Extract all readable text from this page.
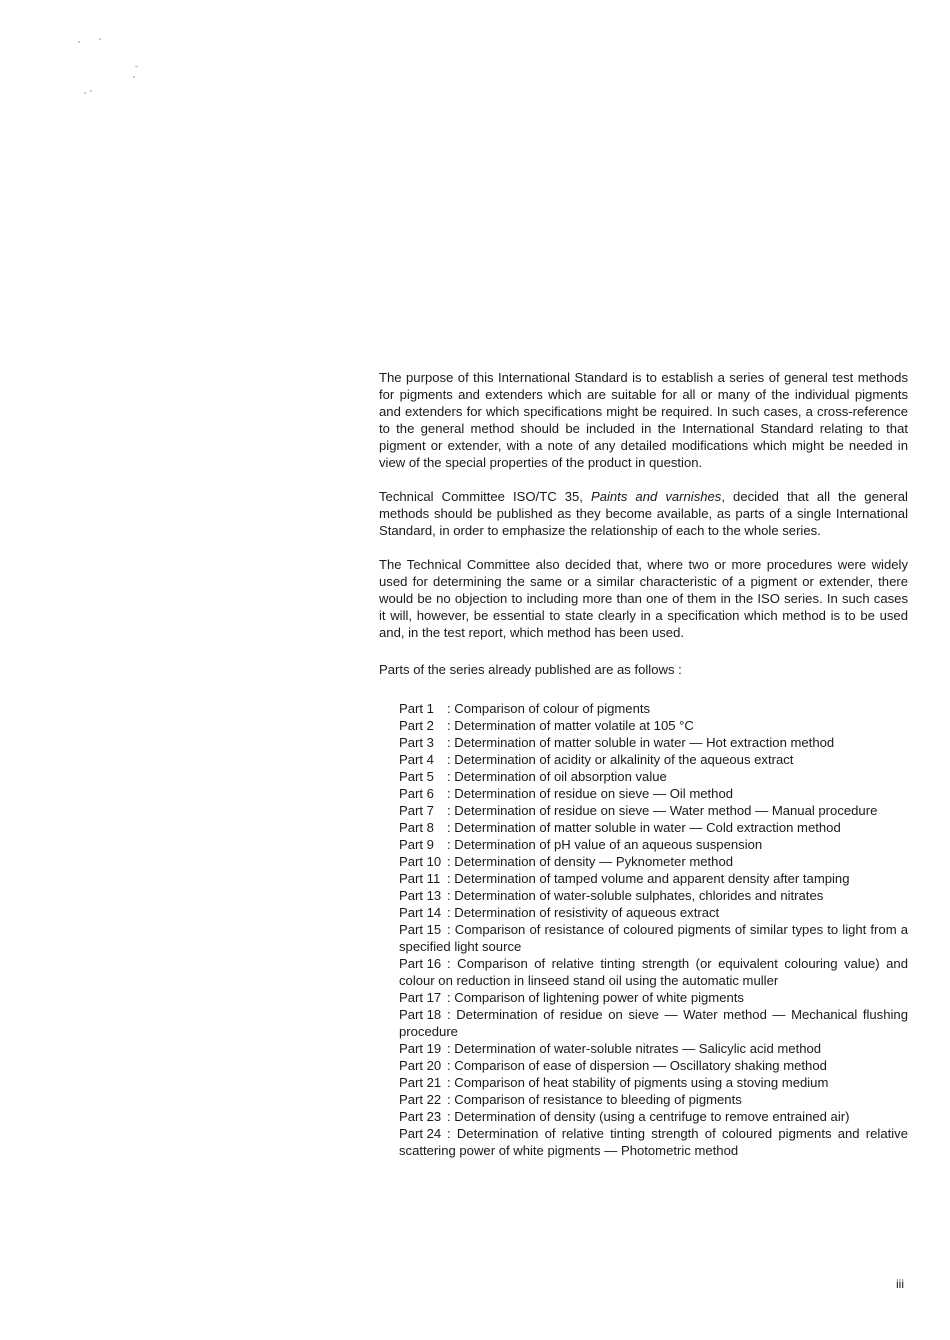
The purpose of this International Standard is to establish a series of general test methods for pigments and extenders which are suitable for all or many of the individual pigments and extenders for which specifications might be required. In such cases, a cross-reference to the general method should be included in the International Standard relating to that pigment or extender, with a note of any detailed modifications which might be needed in view of the special properties of the product in question.

Technical Committee ISO/TC 35, Paints and varnishes, decided that all the general methods should be published as they become available, as parts of a single International Standard, in order to emphasize the relationship of each to the whole series.

The Technical Committee also decided that, where two or more procedures were widely used for determining the same or a similar characteristic of a pigment or extender, there would be no objection to including more than one of them in the ISO series. In such cases it will, however, be essential to state clearly in a specification which method is to be used and, in the test report, which method has been used.

Parts of the series already published are as follows :

Part 1 : Comparison of colour of pigments
Part 2 : Determination of matter volatile at 105 °C
Part 3 : Determination of matter soluble in water — Hot extraction method
Part 4 : Determination of acidity or alkalinity of the aqueous extract
Part 5 : Determination of oil absorption value
Part 6 : Determination of residue on sieve — Oil method
Part 7 : Determination of residue on sieve — Water method — Manual procedure
Part 8 : Determination of matter soluble in water — Cold extraction method
Part 9 : Determination of pH value of an aqueous suspension
Part 10 : Determination of density — Pyknometer method
Part 11 : Determination of tamped volume and apparent density after tamping
Part 13 : Determination of water-soluble sulphates, chlorides and nitrates
Part 14 : Determination of resistivity of aqueous extract
Part 15 : Comparison of resistance of coloured pigments of similar types to light from a specified light source
Part 16 : Comparison of relative tinting strength (or equivalent colouring value) and colour on reduction in linseed stand oil using the automatic muller
Part 17 : Comparison of lightening power of white pigments
Part 18 : Determination of residue on sieve — Water method — Mechanical flushing procedure
Part 19 : Determination of water-soluble nitrates — Salicylic acid method
Part 20 : Comparison of ease of dispersion — Oscillatory shaking method
Part 21 : Comparison of heat stability of pigments using a stoving medium
Part 22 : Comparison of resistance to bleeding of pigments
Part 23 : Determination of density (using a centrifuge to remove entrained air)
Part 24 : Determination of relative tinting strength of coloured pigments and relative scattering power of white pigments — Photometric method
iii
